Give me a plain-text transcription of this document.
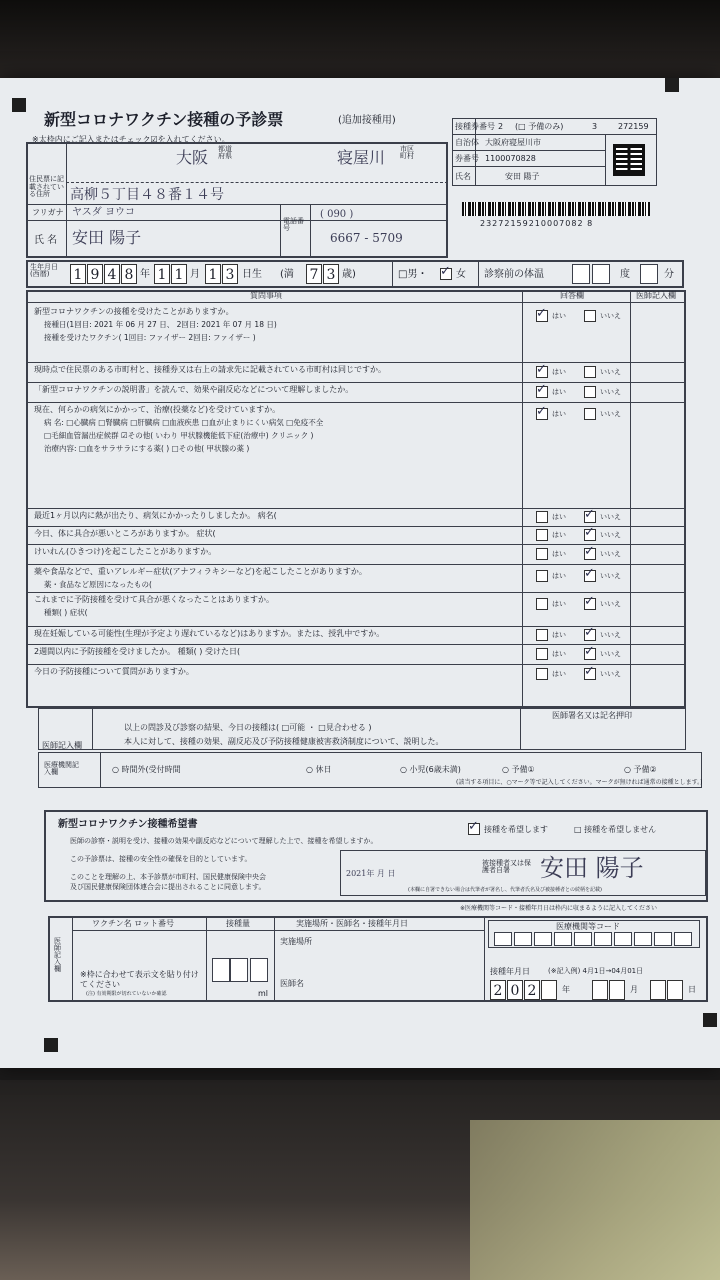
新型コロナワクチン接種の予診票	(追加接種用)
※太枠内にご記入またはチェック☑を入れてください。
接種券番号 2 (□ 予備のみ)	3	272159
自治体 大阪府寝屋川市
券番号 1100070828
氏名	安田 陽子
23272159210007082 8
住民票に記載されている住所
大阪 都道府県	寝屋川 市区町村
高柳５丁目４８番１４号
フリガナ ヤスダ ヨウコ
氏 名 安田 陽子
電話番号
( 090 )
6667 - 5709
生年月日(西暦)	1 9 4 8 年 1 1 月 1 3 日生 (満 7 3 歳)	□男・ ✓ 女 診察前の体温	度	分
質問事項	回答欄	医師記入欄
新型コロナワクチンの接種を受けたことがありますか。
接種日(1回目: 2021 年 06 月 27 日、 2回目: 2021 年 07 月 18 日)
接種を受けたワクチン( 1回目: ファイザー 2回目: ファイザー )
✓ はい	いいえ
現時点で住民票のある市町村と、接種券又は右上の請求先に記載されている市町村は同じですか。	✓ はい	いいえ
「新型コロナワクチンの説明書」を読んで、効果や副反応などについて理解しましたか。	✓ はい	いいえ
現在、何らかの病気にかかって、治療(投薬など)を受けていますか。
病 名: □心臓病 □腎臓病 □肝臓病 □血液疾患 □血が止まりにくい病気 □免疫不全
□毛細血管漏出症候群 ☑その他( いわり 甲状腺機能低下症(治療中) クリニック )
治療内容: □血をサラサラにする薬( ) □その他( 甲状腺の薬 )
✓ はい	いいえ
最近1ヶ月以内に熱が出たり、病気にかかったりしましたか。 病名(	はい ✓ いいえ
今日、体に具合が悪いところがありますか。 症状(	はい ✓ いいえ
けいれん(ひきつけ)を起こしたことがありますか。	はい ✓ いいえ
薬や食品などで、重いアレルギー症状(アナフィラキシーなど)を起こしたことがありますか。
薬・食品など原因になったもの(
はい ✓ いいえ
これまでに予防接種を受けて具合が悪くなったことはありますか。
種類( ) 症状(
はい ✓ いいえ
現在妊娠している可能性(生理が予定より遅れているなど)はありますか。または、授乳中ですか。	はい ✓ いいえ
2週間以内に予防接種を受けましたか。 種類( ) 受けた日(	はい ✓ いいえ
今日の予防接種について質問がありますか。	はい ✓ いいえ
医師記入欄
以上の問診及び診察の結果、今日の接種は( □可能 ・ □見合わせる )
本人に対して、接種の効果、副反応及び予防接種健康被害救済制度について、説明した。
医師署名又は記名押印
医療機関記入欄	○ 時間外(受付時間	○ 休日	○ 小児(6歳未満)	○ 予備①	○ 予備②
(該当する項目に、○マーク等で記入してください。マークが無ければ通常の接種とします。)
新型コロナワクチン接種希望書
医師の診察・説明を受け、接種の効果や副反応などについて理解した上で、接種を希望しますか。
✓ 接種を希望します	□ 接種を希望しません
この予診票は、接種の安全性の確保を目的としています。
このことを理解の上、本予診票が市町村、国民健康保険中央会
及び国民健康保険団体連合会に提出されることに同意します。
2021年 月 日
被接種者又は保護者自署	安田 陽子
(本欄に自署できない場合は代筆者が署名し、代筆者氏名及び被接種者との続柄を記載)
※医療機関等コード・接種年月日は枠内に収まるように記入してください
医師記入欄
ワクチン名 ロット番号	接種量	実施場所・医師名・接種年月日
※枠に合わせて表示文を貼り付けてください
(注) 有効期限が切れていないか確認	ml
実施場所
医師名
医療機関等コード
接種年月日	(※記入例) 4月1日→04月01日
2 0 2	年	月	日
